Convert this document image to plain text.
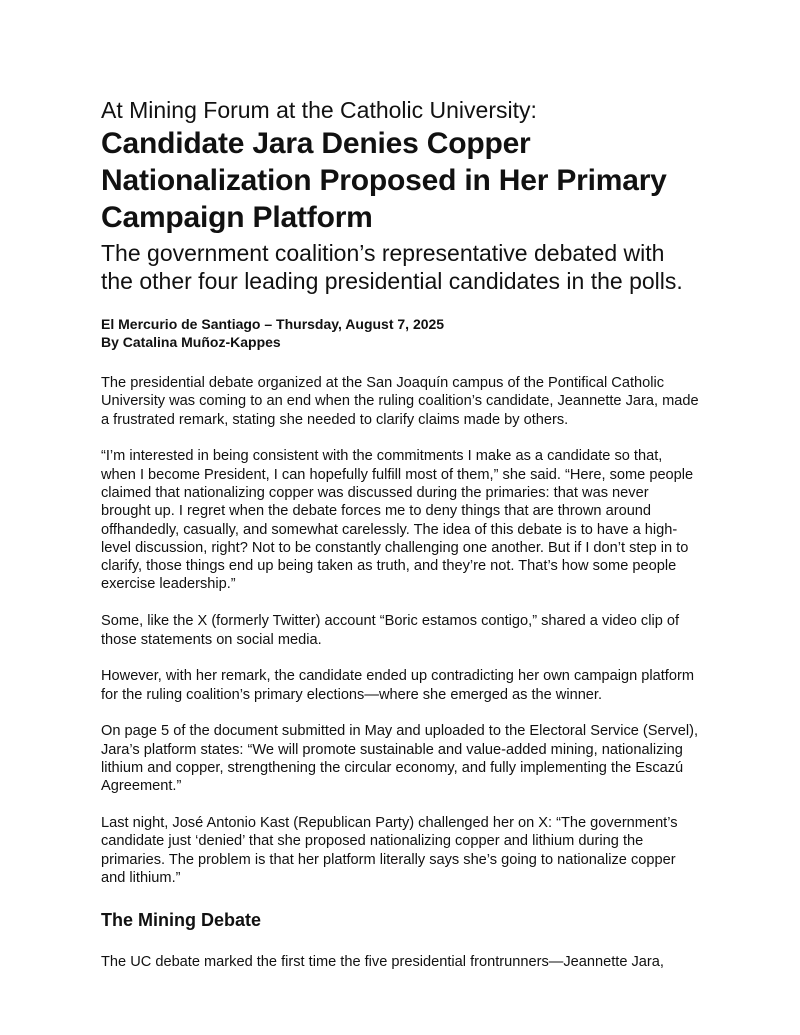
At Mining Forum at the Catholic University:
Candidate Jara Denies Copper Nationalization Proposed in Her Primary Campaign Platform
The government coalition’s representative debated with the other four leading presidential candidates in the polls.
El Mercurio de Santiago – Thursday, August 7, 2025
By Catalina Muñoz-Kappes

The presidential debate organized at the San Joaquín campus of the Pontifical Catholic University was coming to an end when the ruling coalition’s candidate, Jeannette Jara, made a frustrated remark, stating she needed to clarify claims made by others.

“I’m interested in being consistent with the commitments I make as a candidate so that, when I become President, I can hopefully fulfill most of them,” she said. “Here, some people claimed that nationalizing copper was discussed during the primaries: that was never brought up. I regret when the debate forces me to deny things that are thrown around offhandedly, casually, and somewhat carelessly. The idea of this debate is to have a high-level discussion, right? Not to be constantly challenging one another. But if I don’t step in to clarify, those things end up being taken as truth, and they’re not. That’s how some people exercise leadership.”

Some, like the X (formerly Twitter) account “Boric estamos contigo,” shared a video clip of those statements on social media.

However, with her remark, the candidate ended up contradicting her own campaign platform for the ruling coalition’s primary elections—where she emerged as the winner.

On page 5 of the document submitted in May and uploaded to the Electoral Service (Servel), Jara’s platform states: “We will promote sustainable and value-added mining, nationalizing lithium and copper, strengthening the circular economy, and fully implementing the Escazú Agreement.”

Last night, José Antonio Kast (Republican Party) challenged her on X: “The government’s candidate just ‘denied’ that she proposed nationalizing copper and lithium during the primaries. The problem is that her platform literally says she’s going to nationalize copper and lithium.”

The Mining Debate

The UC debate marked the first time the five presidential frontrunners—Jeannette Jara,
